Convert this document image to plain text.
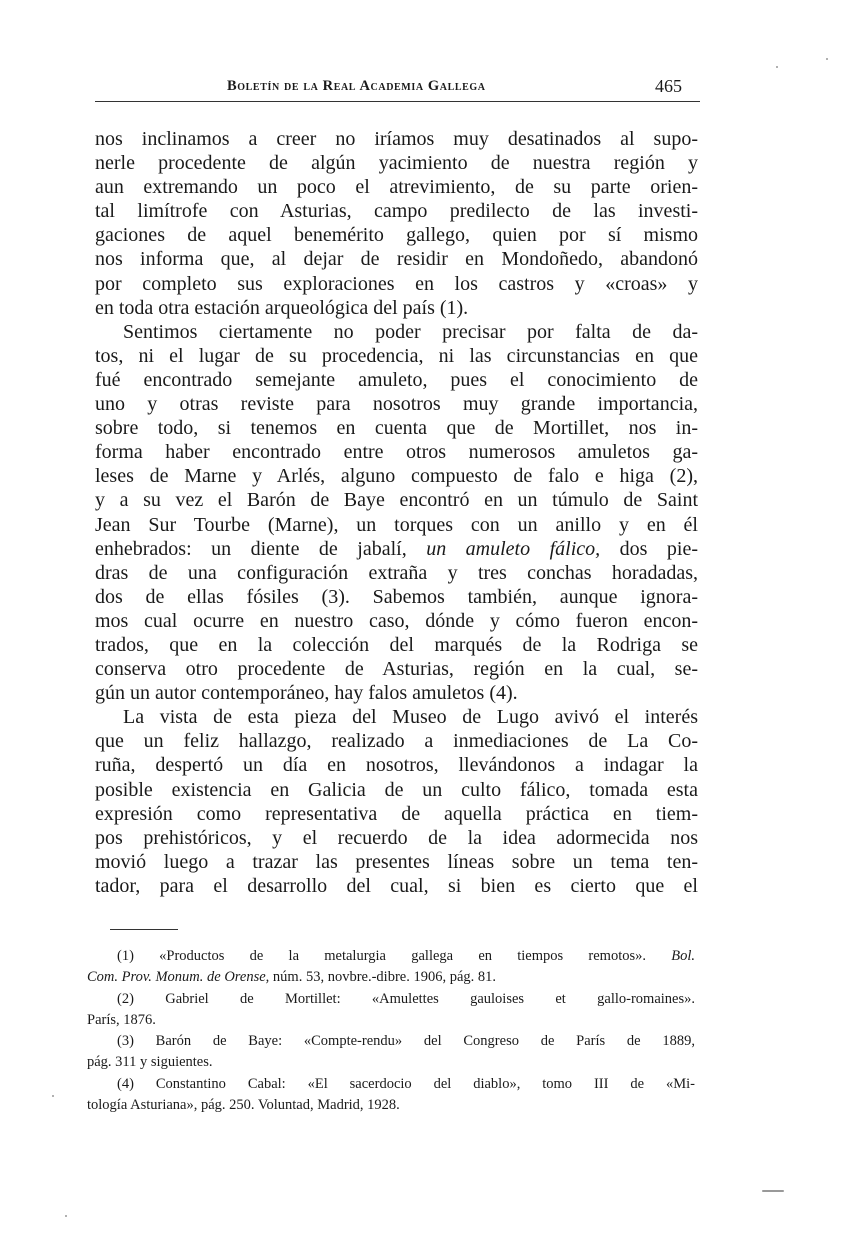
Boletín de la Real Academia Gallega	465
nos inclinamos a creer no iríamos muy desatinados al supo-
nerle procedente de algún yacimiento de nuestra región y
aun extremando un poco el atrevimiento, de su parte orien-
tal limítrofe con Asturias, campo predilecto de las investi-
gaciones de aquel benemérito gallego, quien por sí mismo
nos informa que, al dejar de residir en Mondoñedo, abandonó
por completo sus exploraciones en los castros y «croas» y
en toda otra estación arqueológica del país (1).
Sentimos ciertamente no poder precisar por falta de da-
tos, ni el lugar de su procedencia, ni las circunstancias en que
fué encontrado semejante amuleto, pues el conocimiento de
uno y otras reviste para nosotros muy grande importancia,
sobre todo, si tenemos en cuenta que de Mortillet, nos in-
forma haber encontrado entre otros numerosos amuletos ga-
leses de Marne y Arlés, alguno compuesto de falo e higa (2),
y a su vez el Barón de Baye encontró en un túmulo de Saint
Jean Sur Tourbe (Marne), un torques con un anillo y en él
enhebrados: un diente de jabalí, un amuleto fálico, dos pie-
dras de una configuración extraña y tres conchas horadadas,
dos de ellas fósiles (3). Sabemos también, aunque ignora-
mos cual ocurre en nuestro caso, dónde y cómo fueron encon-
trados, que en la colección del marqués de la Rodriga se
conserva otro procedente de Asturias, región en la cual, se-
gún un autor contemporáneo, hay falos amuletos (4).
La vista de esta pieza del Museo de Lugo avivó el interés
que un feliz hallazgo, realizado a inmediaciones de La Co-
ruña, despertó un día en nosotros, llevándonos a indagar la
posible existencia en Galicia de un culto fálico, tomada esta
expresión como representativa de aquella práctica en tiem-
pos prehistóricos, y el recuerdo de la idea adormecida nos
movió luego a trazar las presentes líneas sobre un tema ten-
tador, para el desarrollo del cual, si bien es cierto que el
(1) «Productos de la metalurgia gallega en tiempos remotos». Bol.
Com. Prov. Monum. de Orense, núm. 53, novbre.-dibre. 1906, pág. 81.
(2) Gabriel de Mortillet: «Amulettes gauloises et gallo-romaines».
París, 1876.
(3) Barón de Baye: «Compte-rendu» del Congreso de París de 1889,
pág. 311 y siguientes.
(4) Constantino Cabal: «El sacerdocio del diablo», tomo III de «Mi-
tología Asturiana», pág. 250. Voluntad, Madrid, 1928.
